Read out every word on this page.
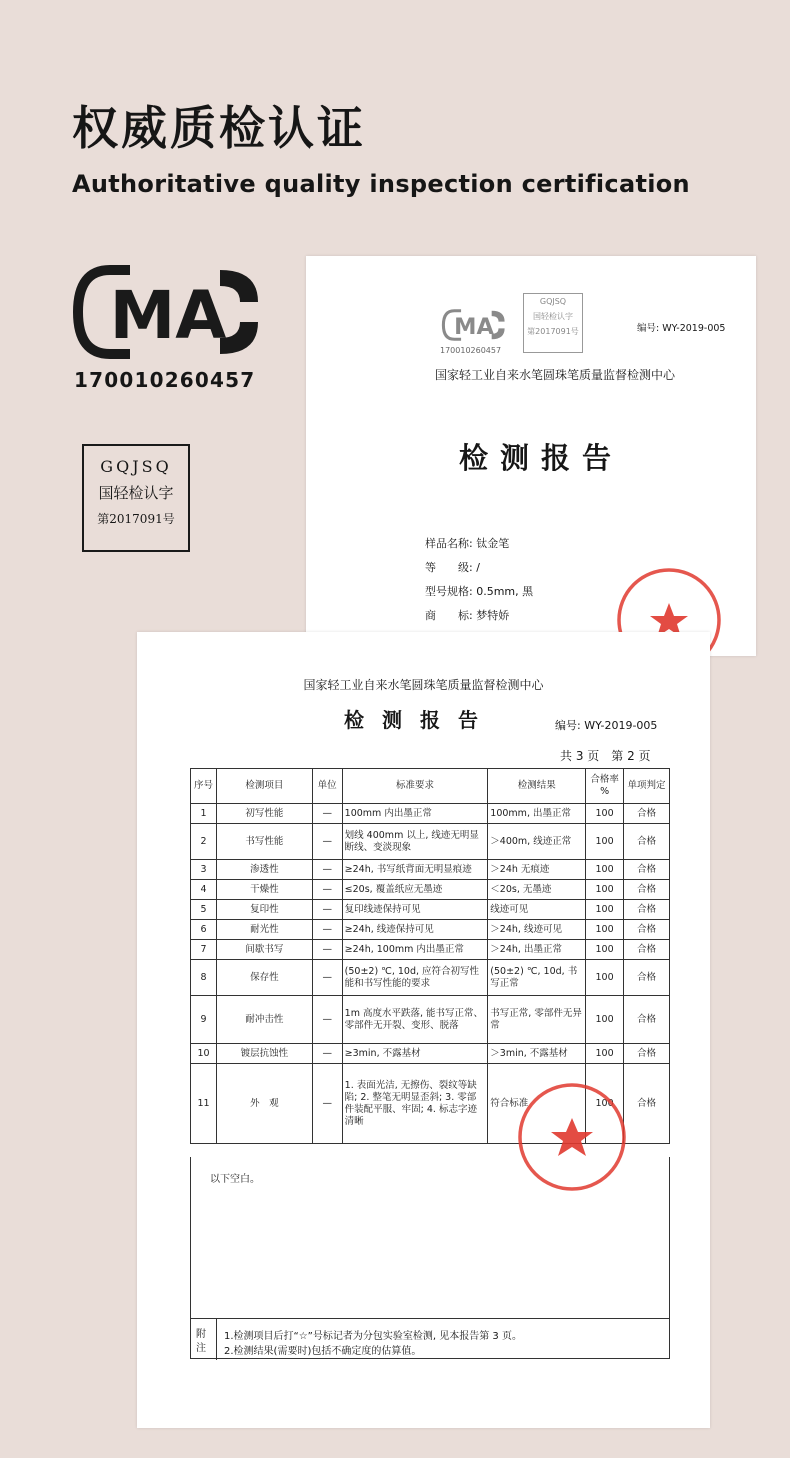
权威质检认证
Authoritative quality inspection certification
MA
170010260457
GQJSQ
国轻检认字
第2017091号
MA
170010260457
GQJSQ
国轻检认字
第2017091号	编号: WY-2019-005
国家轻工业自来水笔圆珠笔质量监督检测中心
检测报告
样品名称: 钛金笔
等　　级: /
型号规格: 0.5mm, 黑
商　　标: 梦特娇
国家轻工业自来水笔圆珠笔质量监督检测中心
检测报告	编号: WY-2019-005
共 3 页　第 2 页
序号	检测项目	单位	标准要求	检测结果	合格率 %	单项判定
1	初写性能	—	100mm 内出墨正常	100mm, 出墨正常	100	合格
2	书写性能	—	划线 400mm 以上, 线迹无明显断线、变淡现象	＞400m, 线迹正常	100	合格
3	渗透性	—	≥24h, 书写纸背面无明显痕迹	＞24h 无痕迹	100	合格
4	干燥性	—	≤20s, 覆盖纸应无墨迹	＜20s, 无墨迹	100	合格
5	复印性	—	复印线迹保持可见	线迹可见	100	合格
6	耐光性	—	≥24h, 线迹保持可见	＞24h, 线迹可见	100	合格
7	间歇书写	—	≥24h, 100mm 内出墨正常	＞24h, 出墨正常	100	合格
8	保存性	—	(50±2) ℃, 10d, 应符合初写性能和书写性能的要求	(50±2) ℃, 10d, 书写正常	100	合格
9	耐冲击性	—	1m 高度水平跌落, 能书写正常、零部件无开裂、变形、脱落	书写正常, 零部件无异常	100	合格
10	镀层抗蚀性	—	≥3min, 不露基材	＞3min, 不露基材	100	合格
11	外　观	—	1. 表面光洁, 无擦伤、裂纹等缺陷; 2. 整笔无明显歪斜; 3. 零部件装配平服、牢固; 4. 标志字迹清晰	符合标准	100	合格
以下空白。
附注
1.检测项目后打“☆”号标记者为分包实验室检测, 见本报告第 3 页。
2.检测结果(需要时)包括不确定度的估算值。
